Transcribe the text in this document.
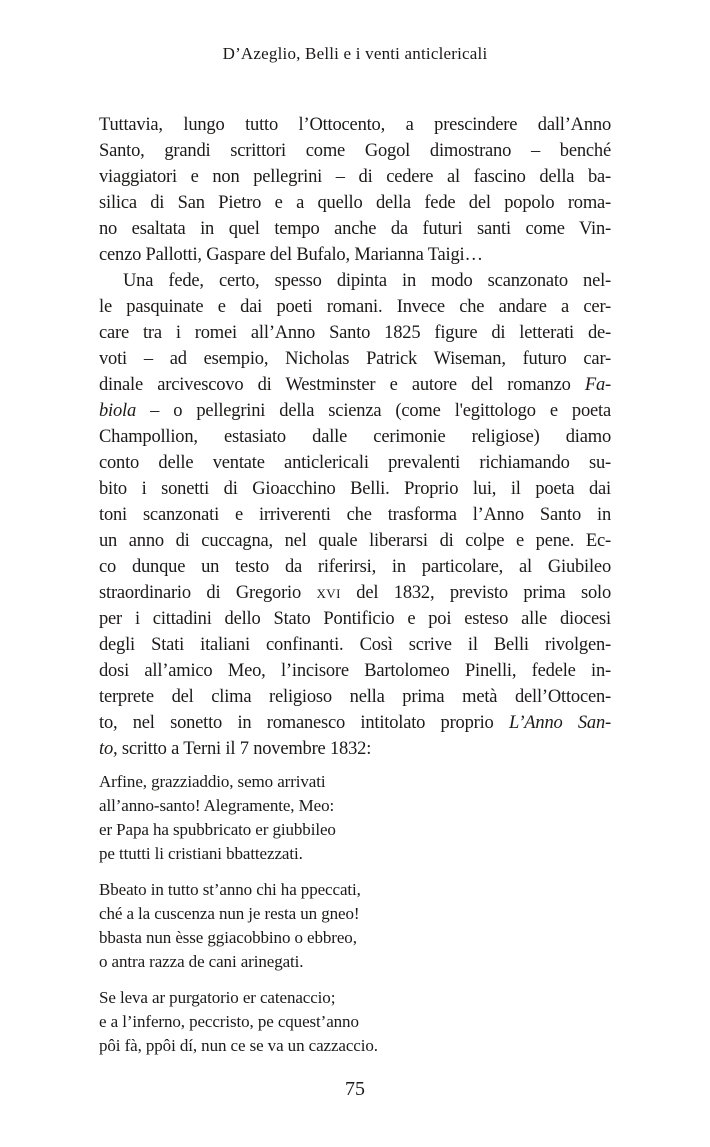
D’Azeglio, Belli e i venti anticlericali
Tuttavia, lungo tutto l’Ottocento, a prescindere dall’Anno
Santo, grandi scrittori come Gogol dimostrano – benché
viaggiatori e non pellegrini – di cedere al fascino della ba-
silica di San Pietro e a quello della fede del popolo roma-
no esaltata in quel tempo anche da futuri santi come Vin-
cenzo Pallotti, Gaspare del Bufalo, Marianna Taigi…
Una fede, certo, spesso dipinta in modo scanzonato nel-
le pasquinate e dai poeti romani. Invece che andare a cer-
care tra i romei all’Anno Santo 1825 figure di letterati de-
voti – ad esempio, Nicholas Patrick Wiseman, futuro car-
dinale arcivescovo di Westminster e autore del romanzo Fa-
biola – o pellegrini della scienza (come l'egittologo e poeta
Champollion, estasiato dalle cerimonie religiose) diamo
conto delle ventate anticlericali prevalenti richiamando su-
bito i sonetti di Gioacchino Belli. Proprio lui, il poeta dai
toni scanzonati e irriverenti che trasforma l’Anno Santo in
un anno di cuccagna, nel quale liberarsi di colpe e pene. Ec-
co dunque un testo da riferirsi, in particolare, al Giubileo
straordinario di Gregorio xvi del 1832, previsto prima solo
per i cittadini dello Stato Pontificio e poi esteso alle diocesi
degli Stati italiani confinanti. Così scrive il Belli rivolgen-
dosi all’amico Meo, l’incisore Bartolomeo Pinelli, fedele in-
terprete del clima religioso nella prima metà dell’Ottocen-
to, nel sonetto in romanesco intitolato proprio L’Anno San-
to, scritto a Terni il 7 novembre 1832:
Arfine, grazziaddio, semo arrivati
all’anno-santo! Alegramente, Meo:
er Papa ha spubbricato er giubbileo
pe ttutti li cristiani bbattezzati.
Bbeato in tutto st’anno chi ha ppeccati,
ché a la cuscenza nun je resta un gneo!
bbasta nun èsse ggiacobbino o ebbreo,
o antra razza de cani arinegati.
Se leva ar purgatorio er catenaccio;
e a l’inferno, peccristo, pe cquest’anno
pôi fà, ppôi dí, nun ce se va un cazzaccio.
75
